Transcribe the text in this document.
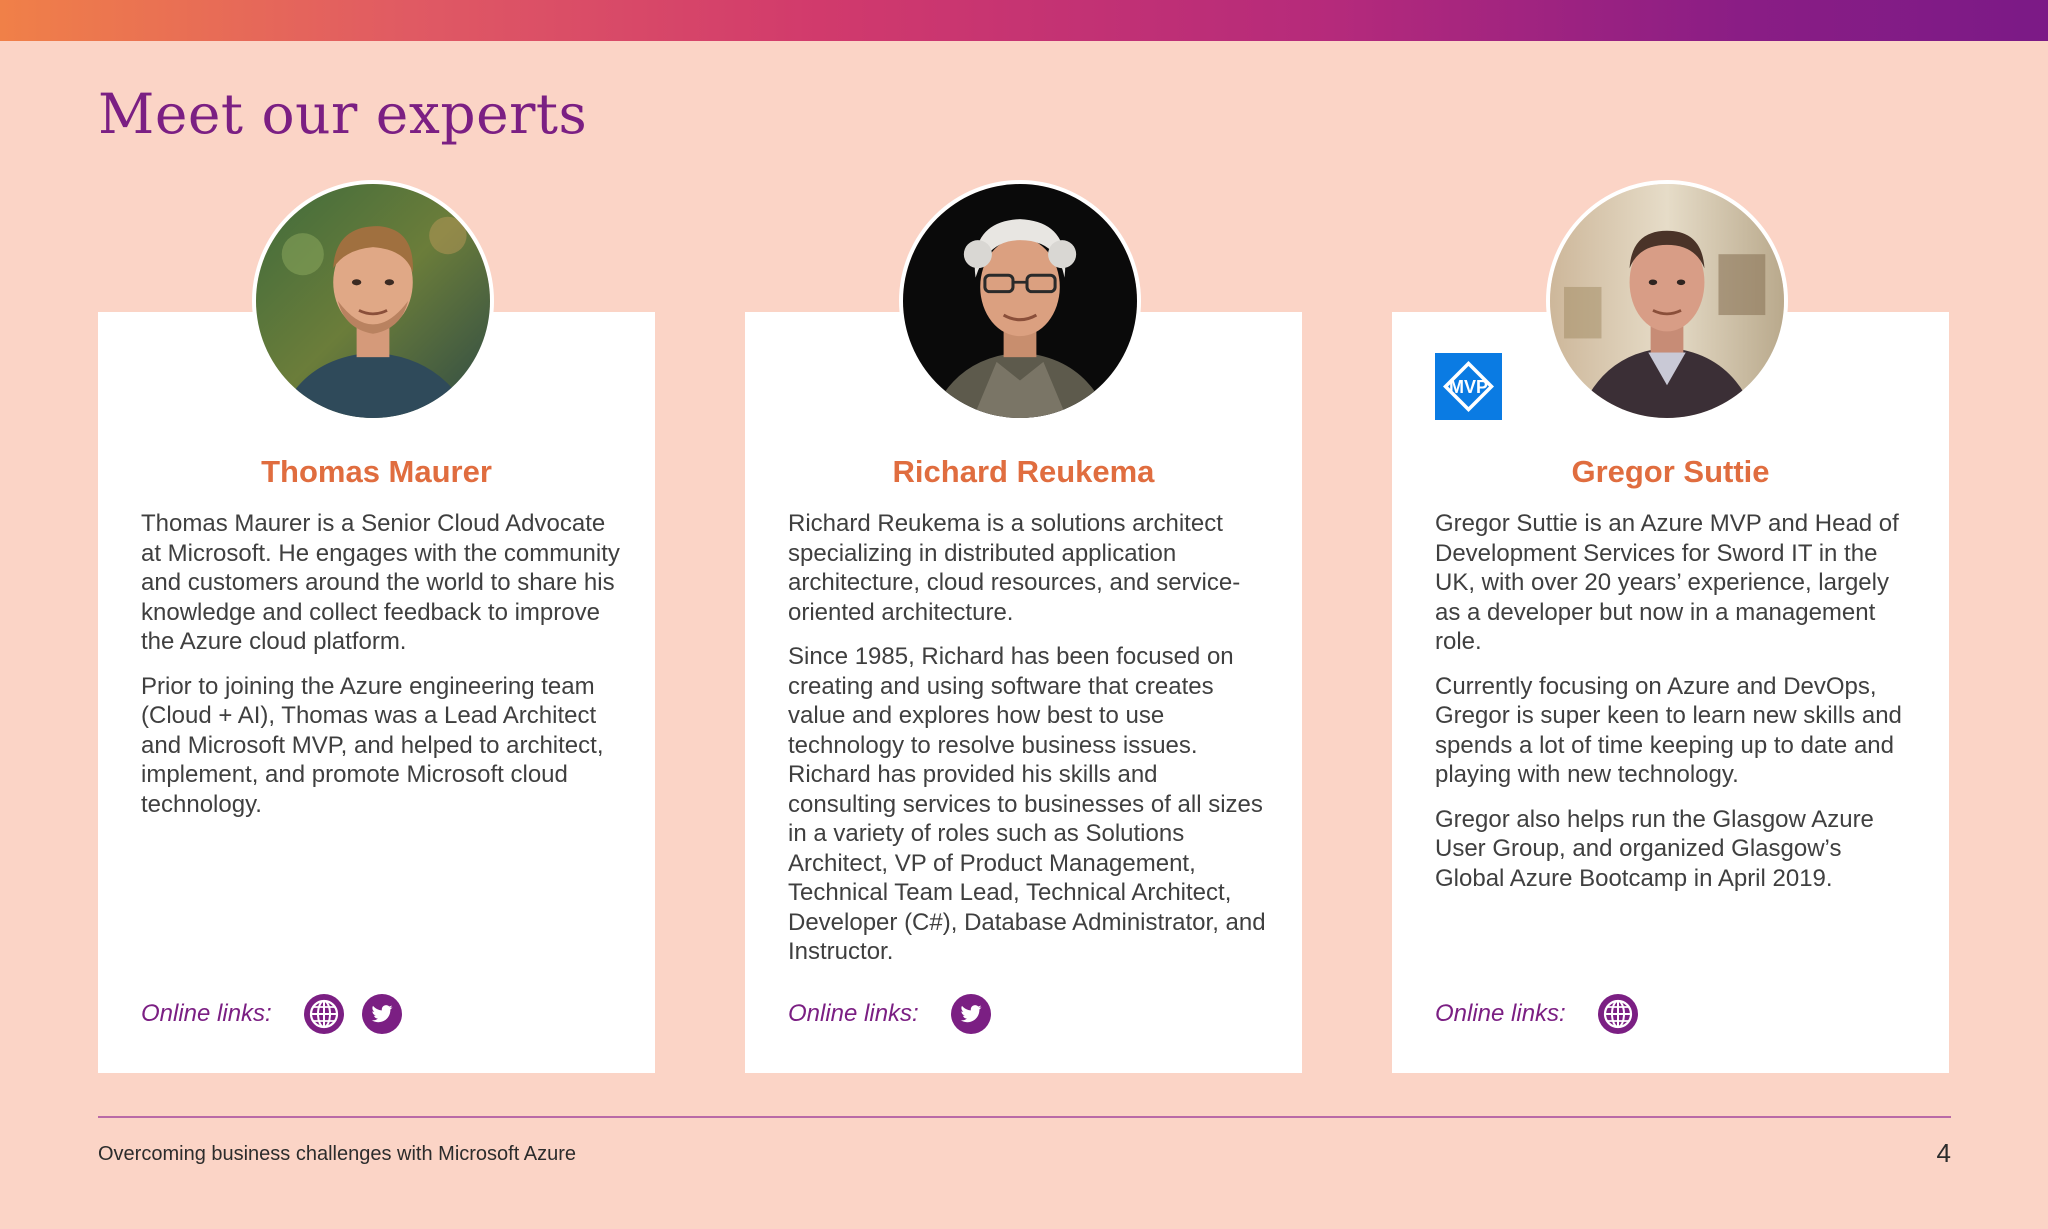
Meet our experts
Thomas Maurer

Thomas Maurer is a Senior Cloud Advocate at Microsoft. He engages with the community and customers around the world to share his knowledge and collect feedback to improve the Azure cloud platform.

Prior to joining the Azure engineering team (Cloud + AI), Thomas was a Lead Architect and Microsoft MVP, and helped to architect, implement, and promote Microsoft cloud technology.

Online links:
Richard Reukema

Richard Reukema is a solutions architect specializing in distributed application architecture, cloud resources, and service-oriented architecture.

Since 1985, Richard has been focused on creating and using software that creates value and explores how best to use technology to resolve business issues. Richard has provided his skills and consulting services to businesses of all sizes in a variety of roles such as Solutions Architect, VP of Product Management, Technical Team Lead, Technical Architect, Developer (C#), Database Administrator, and Instructor.

Online links:
MVP
Gregor Suttie

Gregor Suttie is an Azure MVP and Head of Development Services for Sword IT in the UK, with over 20 years’ experience, largely as a developer but now in a management role.

Currently focusing on Azure and DevOps, Gregor is super keen to learn new skills and spends a lot of time keeping up to date and playing with new technology.

Gregor also helps run the Glasgow Azure User Group, and organized Glasgow’s Global Azure Bootcamp in April 2019.

Online links:
Overcoming business challenges with Microsoft Azure	4
